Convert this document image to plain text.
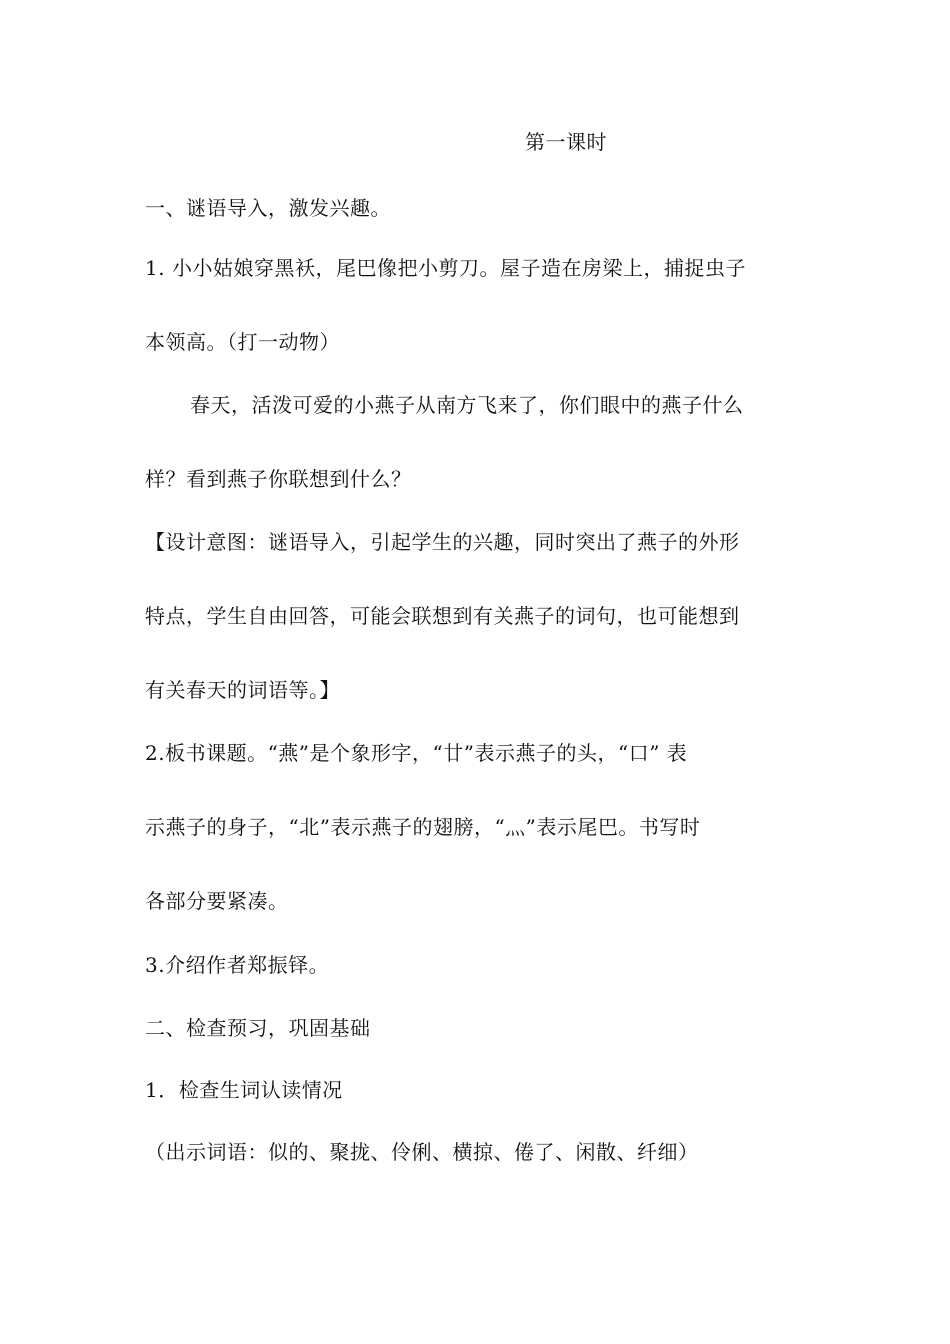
第一课时
一、谜语导入，激发兴趣。
1. 小小姑娘穿黑袄，尾巴像把小剪刀。屋子造在房梁上，捕捉虫子
本领高。（打一动物）
春天，活泼可爱的小燕子从南方飞来了，你们眼中的燕子什么
样？看到燕子你联想到什么？
【设计意图：谜语导入，引起学生的兴趣，同时突出了燕子的外形
特点，学生自由回答，可能会联想到有关燕子的词句，也可能想到
有关春天的词语等。】
2.板书课题。“燕”是个象形字，“廿”表示燕子的头，“口” 表
示燕子的身子，“北”表示燕子的翅膀，“灬”表示尾巴。书写时
各部分要紧凑。
3.介绍作者郑振铎。
二、检查预习，巩固基础
1．检查生词认读情况
（出示词语：似的、聚拢、伶俐、横掠、倦了、闲散、纤细）
